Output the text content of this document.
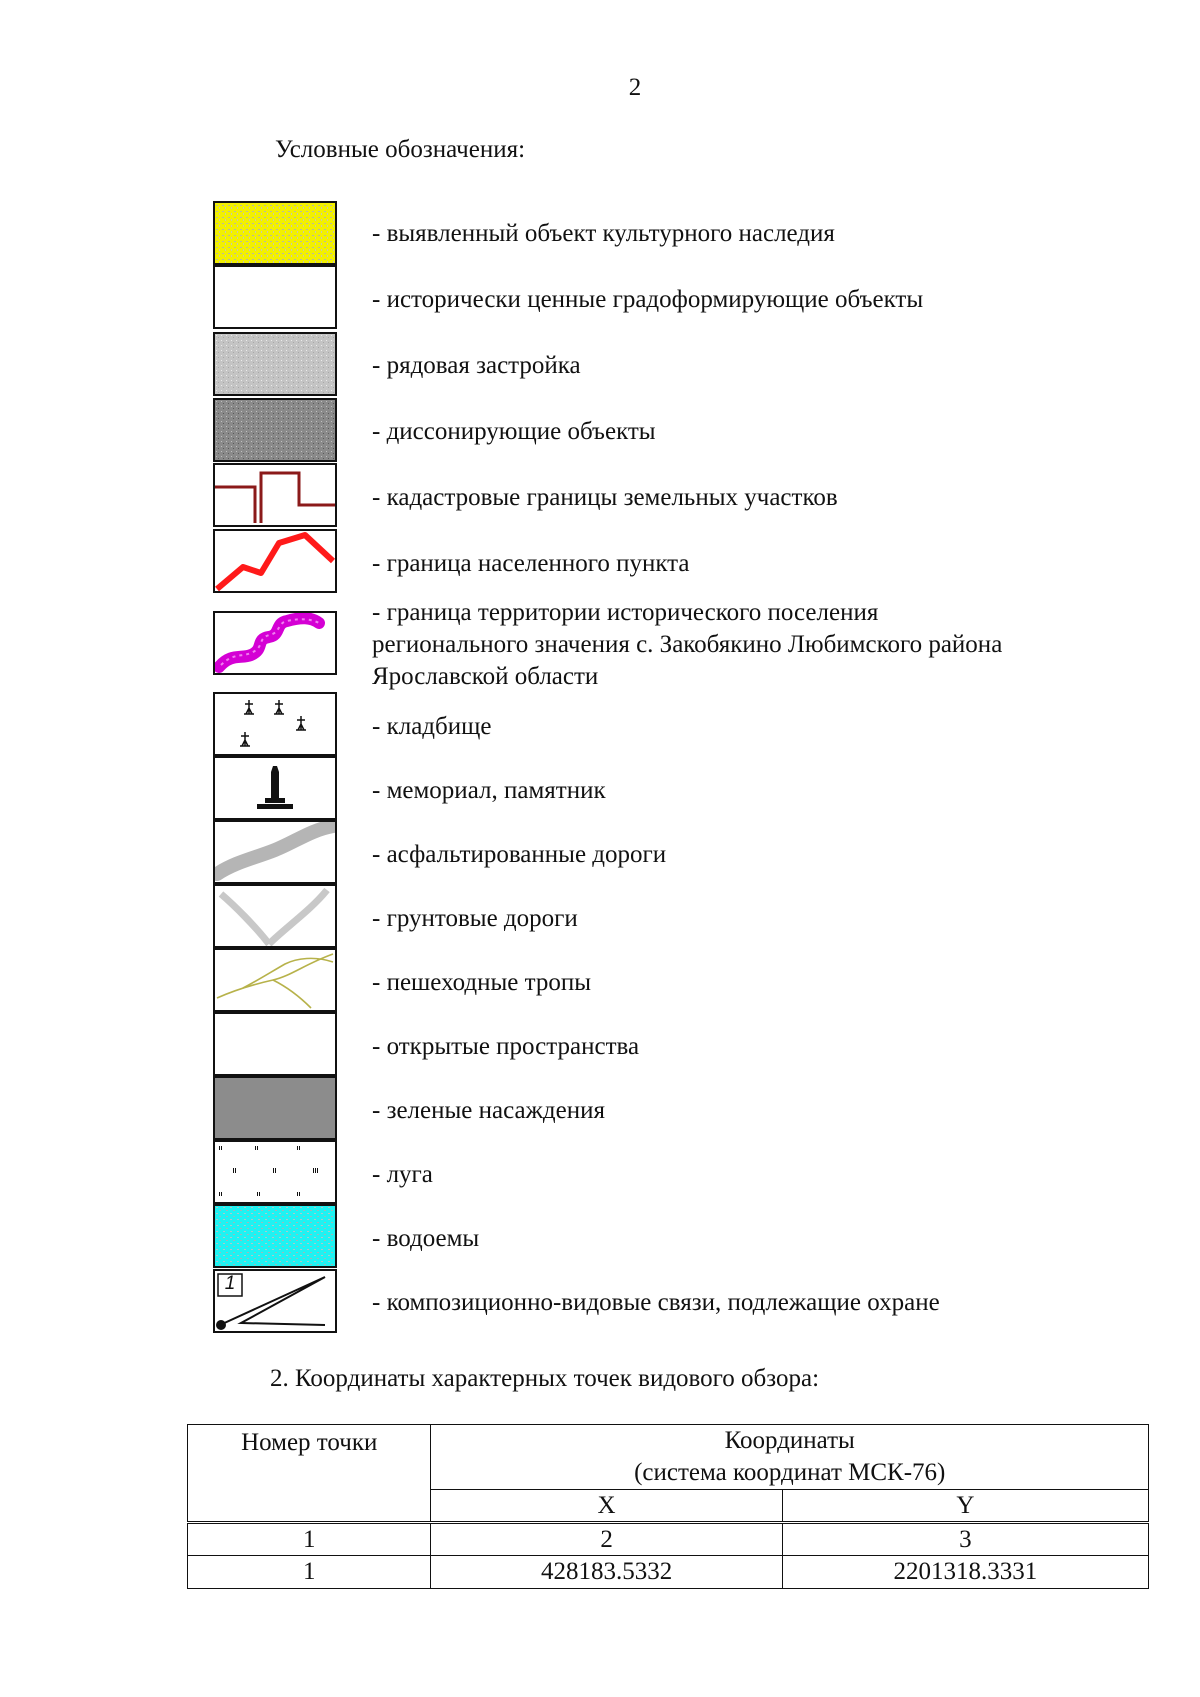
2
Условные обозначения:
- выявленный объект культурного наследия
- исторически ценные градоформирующие объекты
- рядовая застройка
- диссонирующие объекты
- кадастровые границы земельных участков
- граница населенного пункта
- граница территории исторического поселения
регионального значения с. Закобякино Любимского района
Ярославской области
- кладбище
- мемориал, памятник
- асфальтированные дороги
- грунтовые дороги
- пешеходные тропы
- открытые пространства
- зеленые насаждения
- луга
- водоемы
1
- композиционно-видовые связи, подлежащие охране
2. Координаты характерных точек видового обзора:
Номер точки	Координаты
(система координат МСК-76)	

	X	Y
1	2	3
1	428183.5332	2201318.3331
